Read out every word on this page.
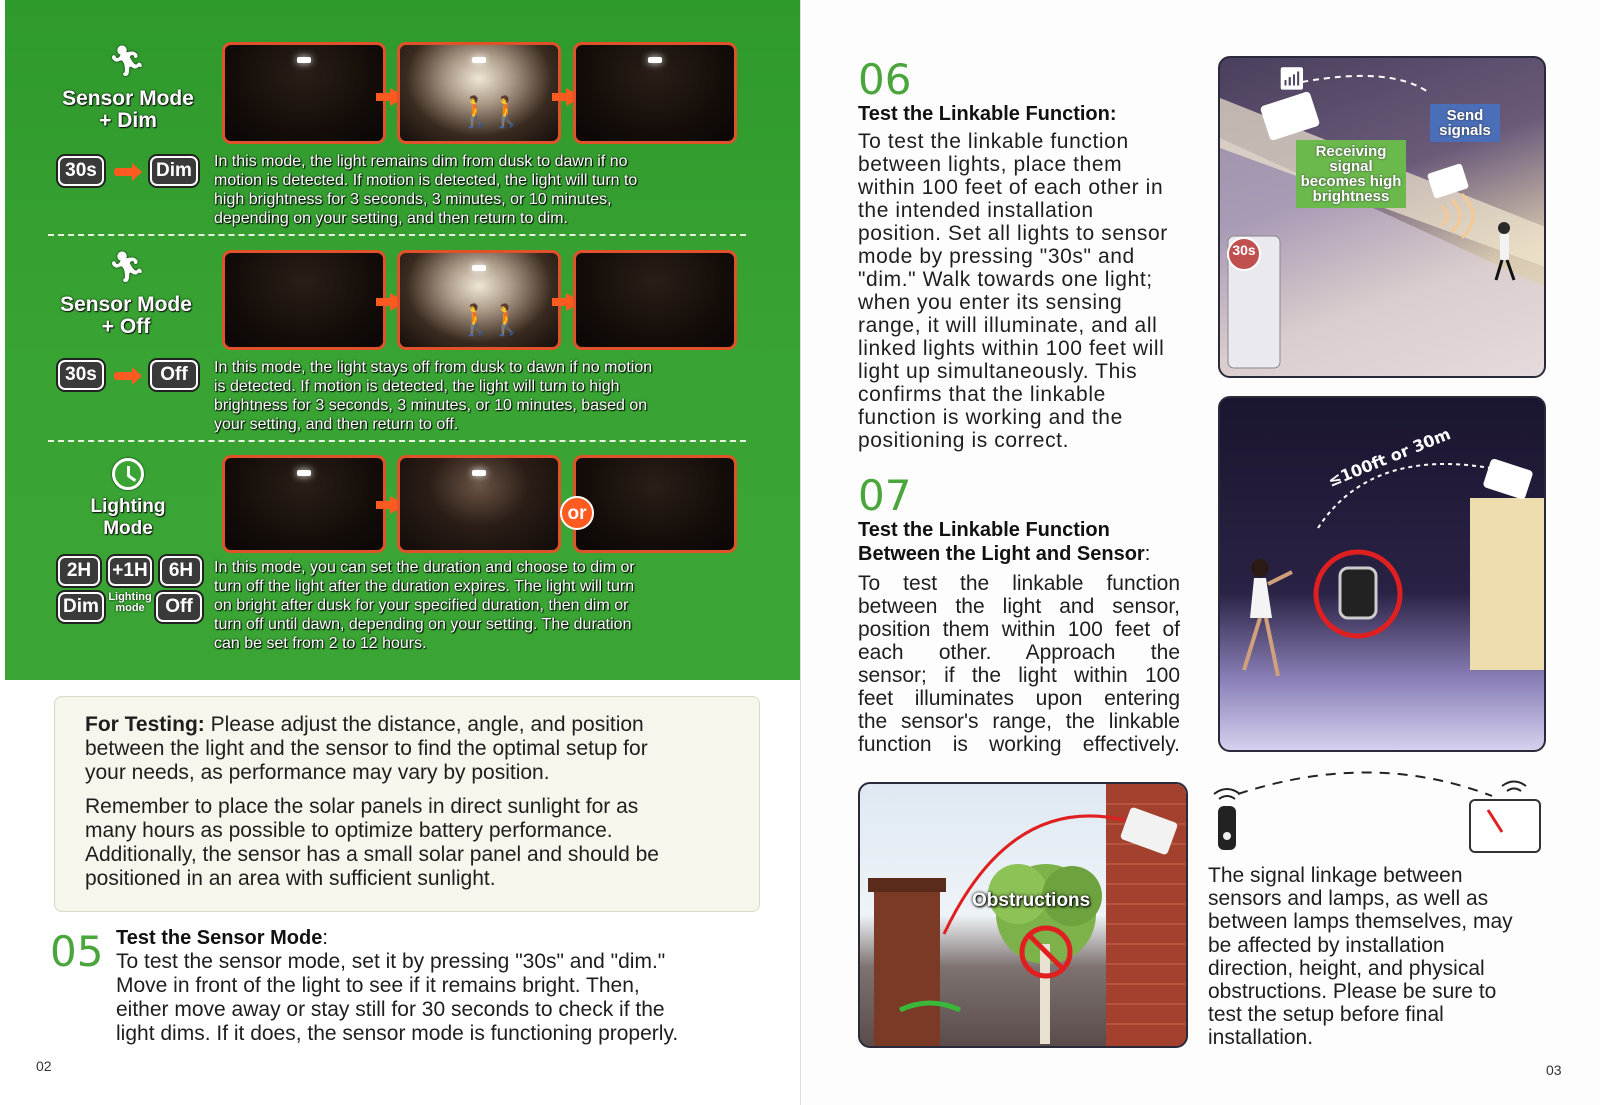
🏃︎
Sensor Mode
+ Dim	🚶🚶
30s	Dim	In this mode, the light remains dim from dusk to dawn if no
motion is detected. If motion is detected, the light will turn to
high brightness for 3 seconds, 3 minutes, or 10 minutes,
depending on your setting, and then return to dim.
🏃︎
Sensor Mode
+ Off	🚶🚶
30s	Off	In this mode, the light stays off from dusk to dawn if no motion
is detected. If motion is detected, the light will turn to high
brightness for 3 seconds, 3 minutes, or 10 minutes, based on
your setting, and then return to off.
Lighting
Mode
or
2H	+1H	6H
Dim Lighting
mode	Off
In this mode, you can set the duration and choose to dim or
turn off the light after the duration expires. The light will turn
on bright after dusk for your specified duration, then dim or
turn off until dawn, depending on your setting. The duration
can be set from 2 to 12 hours.
For Testing: Please adjust the distance, angle, and position
between the light and the sensor to find the optimal setup for
your needs, as performance may vary by position.
Remember to place the solar panels in direct sunlight for as
many hours as possible to optimize battery performance.
Additionally, the sensor has a small solar panel and should be
positioned in an area with sufficient sunlight.
05 Test the Sensor Mode:
To test the sensor mode, set it by pressing "30s" and "dim."
Move in front of the light to see if it remains bright. Then,
either move away or stay still for 30 seconds to check if the
light dims. If it does, the sensor mode is functioning properly.
02
06
Test the Linkable Function:
To test the linkable function
between lights, place them
within 100 feet of each other in
the intended installation
position. Set all lights to sensor
mode by pressing "30s" and
"dim." Walk towards one light;
when you enter its sensing
range, it will illuminate, and all
linked lights within 100 feet will
light up simultaneously. This
confirms that the linkable
function is working and the
positioning is correct.
07
Test the Linkable Function
Between the Light and Sensor:
To test the linkable function
between the light and sensor,
position them within 100 feet of
each other. Approach the
sensor; if the light within 100
feet illuminates upon entering
the sensor's range, the linkable
function is working effectively.
📶︎
Send
signals
Receiving
signal
becomes high
brightness
30s
≤100ft or 30m
Obstructions
The signal linkage between
sensors and lamps, as well as
between lamps themselves, may
be affected by installation
direction, height, and physical
obstructions. Please be sure to
test the setup before final
installation.
03
